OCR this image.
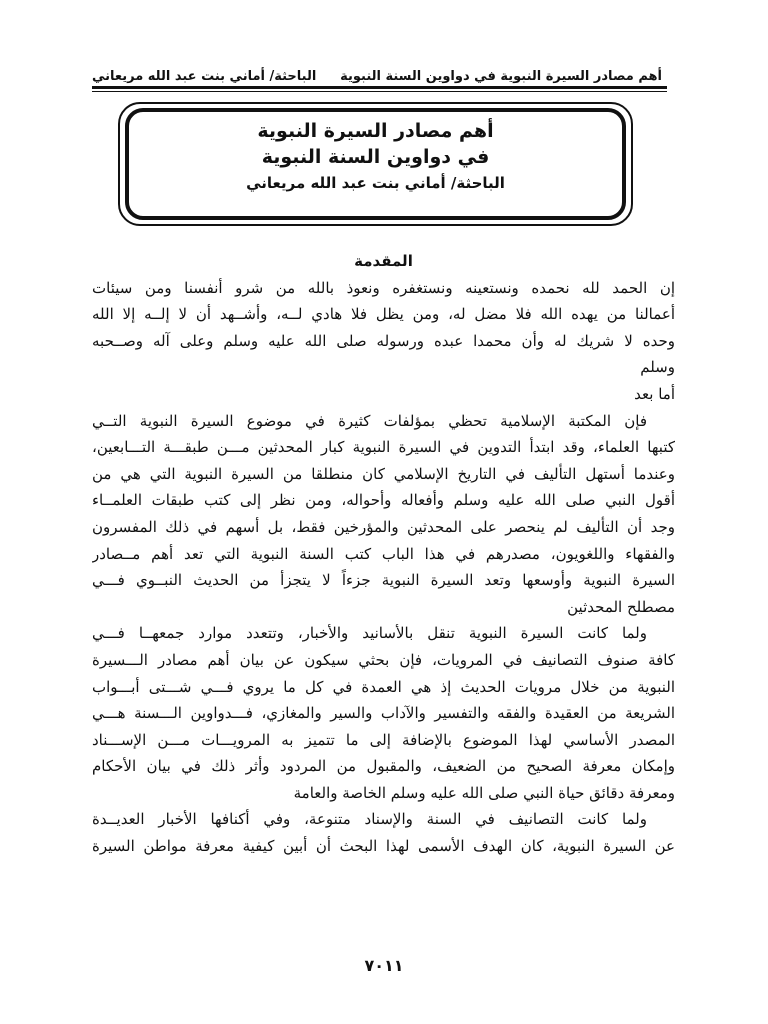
أهم مصادر السيرة النبوية في دواوين السنة النبوية
الباحثة/ أماني بنت عبد الله مريعاني
أهم مصادر السيرة النبوية
في دواوين السنة النبوية
الباحثة/ أماني بنت عبد الله مريعاني
المقدمة
إن الحمد لله نحمده ونستعينه ونستغفره ونعوذ بالله من شرو أنفسنا ومن سيئات
أعمالنا من يهده الله فلا مضل له، ومن يظل فلا هادي لــه، وأشــهد أن لا إلــه إلا الله
وحده لا شريك له وأن محمدا عبده ورسوله صلى الله عليه وسلم وعلى آله وصــحبه
وسلم
أما بعد
فإن المكتبة الإسلامية تحظي بمؤلفات كثيرة في موضوع السيرة النبوية التــي
كتبها العلماء، وقد ابتدأ التدوين في السيرة النبوية كبار المحدثين مـــن طبقـــة التـــابعين،
وعندما أستهل التأليف في التاريخ الإسلامي كان منطلقا من السيرة النبوية التي هي من
أقول النبي صلى الله عليه وسلم وأفعاله وأحواله، ومن نظر إلى كتب طبقات العلمــاء
وجد أن التأليف لم ينحصر على المحدثين والمؤرخين فقط، بل أسهم في ذلك المفسرون
والفقهاء واللغويون، مصدرهم في هذا الباب كتب السنة النبوية التي تعد أهم مــصادر
السيرة النبوية وأوسعها وتعد السيرة النبوية جزءاً لا يتجزأ من الحديث النبــوي فـــي
مصطلح المحدثين
ولما كانت السيرة النبوية تنقل بالأسانيد والأخبار، وتتعدد موارد جمعهــا فـــي
كافة صنوف التصانيف في المرويات، فإن بحثي سيكون عن بيان أهم مصادر الـــسيرة
النبوية من خلال مرويات الحديث إذ هي العمدة في كل ما يروي فـــي شـــتى أبـــواب
الشريعة من العقيدة والفقه والتفسير والآداب والسير والمغازي، فـــدواوين الـــسنة هـــي
المصدر الأساسي لهذا الموضوع بالإضافة إلى ما تتميز به المرويـــات مـــن الإســـناد
وإمكان معرفة الصحيح من الضعيف، والمقبول من المردود وأثر ذلك في بيان الأحكام
ومعرفة دقائق حياة النبي صلى الله عليه وسلم الخاصة والعامة
ولما كانت التصانيف في السنة والإسناد متنوعة، وفي أكنافها الأخبار العديــدة
عن السيرة النبوية، كان الهدف الأسمى لهذا البحث أن أبين كيفية معرفة مواطن السيرة
٧٠١١
